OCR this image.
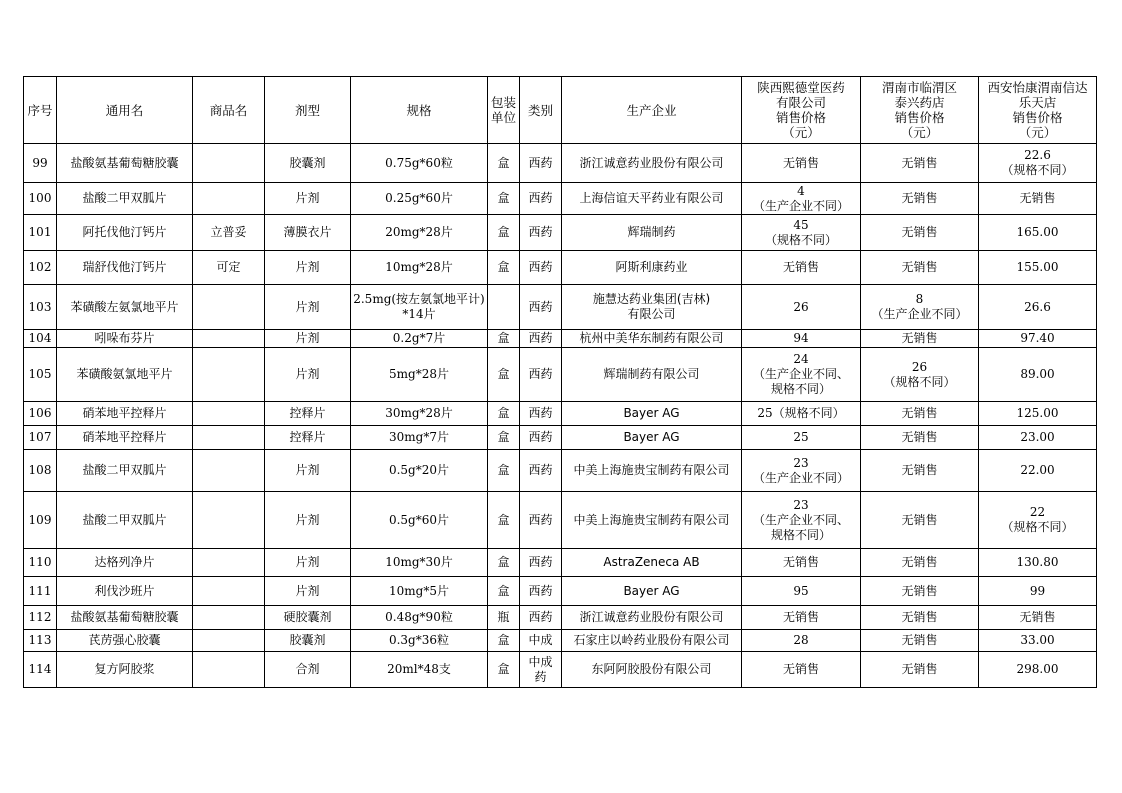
序号	通用名	商品名	剂型	规格	包装
单位	类别	生产企业	陕西熙德堂医药
有限公司
销售价格
（元）	渭南市临渭区
泰兴药店
销售价格
（元）	西安怡康渭南信达
乐天店
销售价格
（元）

99	盐酸氨基葡萄糖胶囊		胶囊剂	0.75g*60粒	盒	西药	浙江诚意药业股份有限公司	无销售	无销售	22.6
（规格不同）

100	盐酸二甲双胍片		片剂	0.25g*60片	盒	西药	上海信谊天平药业有限公司	4
（生产企业不同）	无销售	无销售

101	阿托伐他汀钙片	立普妥	薄膜衣片	20mg*28片	盒	西药	辉瑞制药	45
（规格不同）	无销售	165.00

102	瑞舒伐他汀钙片	可定	片剂	10mg*28片	盒	西药	阿斯利康药业	无销售	无销售	155.00

103	苯磺酸左氨氯地平片		片剂	2.5mg(按左氨氯地平计)*14片		西药	施慧达药业集团(吉林)
有限公司	26	8
（生产企业不同）	26.6

104	吲哚布芬片		片剂	0.2g*7片	盒	西药	杭州中美华东制药有限公司	94	无销售	97.40

105	苯磺酸氨氯地平片		片剂	5mg*28片	盒	西药	辉瑞制药有限公司	24
（生产企业不同、
规格不同）	26
（规格不同）	89.00

106	硝苯地平控释片		控释片	30mg*28片	盒	西药	Bayer AG	25（规格不同）	无销售	125.00

107	硝苯地平控释片		控释片	30mg*7片	盒	西药	Bayer AG	25	无销售	23.00

108	盐酸二甲双胍片		片剂	0.5g*20片	盒	西药	中美上海施贵宝制药有限公司	23
（生产企业不同）	无销售	22.00

109	盐酸二甲双胍片		片剂	0.5g*60片	盒	西药	中美上海施贵宝制药有限公司	23
（生产企业不同、
规格不同）	无销售	22
（规格不同）

110	达格列净片		片剂	10mg*30片	盒	西药	AstraZeneca AB	无销售	无销售	130.80

111	利伐沙班片		片剂	10mg*5片	盒	西药	Bayer AG	95	无销售	99

112	盐酸氨基葡萄糖胶囊		硬胶囊剂	0.48g*90粒	瓶	西药	浙江诚意药业股份有限公司	无销售	无销售	无销售

113	芪苈强心胶囊		胶囊剂	0.3g*36粒	盒	中成	石家庄以岭药业股份有限公司	28	无销售	33.00

114	复方阿胶浆		合剂	20ml*48支	盒	中成
药	东阿阿胶股份有限公司	无销售	无销售	298.00
